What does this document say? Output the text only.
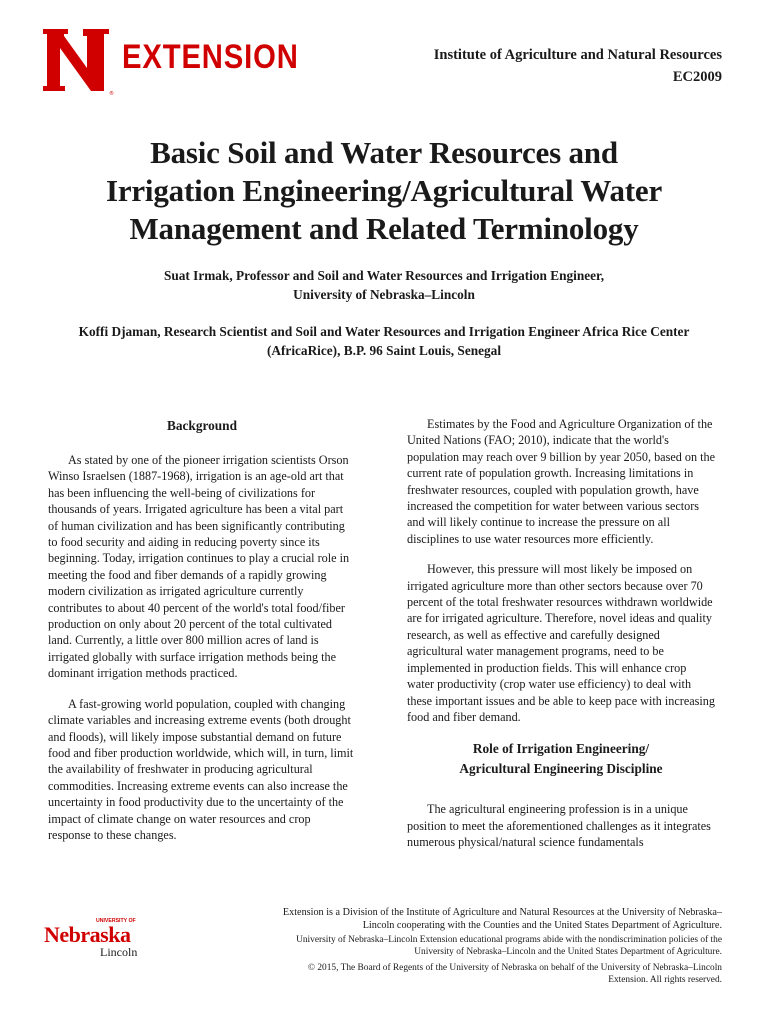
®
EXTENSION	Institute of Agriculture and Natural Resources
EC2009
Basic Soil and Water Resources and
Irrigation Engineering/Agricultural Water
Management and Related Terminology
Suat Irmak, Professor and Soil and Water Resources and Irrigation Engineer,
University of Nebraska–Lincoln
Koffi Djaman, Research Scientist and Soil and Water Resources and Irrigation Engineer Africa Rice Center
(AfricaRice), B.P. 96 Saint Louis, Senegal
Background

As stated by one of the pioneer irrigation scientists Orson Winso Israelsen (1887-1968), irrigation is an age-old art that has been influencing the well-being of civilizations for thousands of years. Irrigated agriculture has been a vital part of human civilization and has been significantly contributing to food security and aiding in reducing poverty since its beginning. Today, irrigation continues to play a crucial role in meeting the food and fiber demands of a rapidly growing modern civilization as irrigated agriculture currently contributes to about 40 percent of the world's total food/fiber production on only about 20 percent of the total cultivated land. Currently, a little over 800 million acres of land is irrigated globally with surface irrigation methods being the dominant irrigation methods practiced.

A fast-growing world population, coupled with changing climate variables and increasing extreme events (both drought and floods), will likely impose substantial demand on future food and fiber production worldwide, which will, in turn, limit the availability of freshwater in producing agricultural commodities. Increasing extreme events can also increase the uncertainty in food productivity due to the uncertainty of the impact of climate change on water resources and crop response to these changes.

Estimates by the Food and Agriculture Organization of the United Nations (FAO; 2010), indicate that the world's population may reach over 9 billion by year 2050, based on the current rate of population growth. Increasing limitations in freshwater resources, coupled with population growth, have increased the competition for water between various sectors and will likely continue to increase the pressure on all disciplines to use water resources more efficiently.

However, this pressure will most likely be imposed on irrigated agriculture more than other sectors because over 70 percent of the total freshwater resources withdrawn worldwide are for irrigated agriculture. Therefore, novel ideas and quality research, as well as effective and carefully designed agricultural water management programs, need to be implemented in production fields. This will enhance crop water productivity (crop water use efficiency) to deal with these important issues and be able to keep pace with increasing food and fiber demand.

Role of Irrigation Engineering/
Agricultural Engineering Discipline

The agricultural engineering profession is in a unique position to meet the aforementioned challenges as it integrates numerous physical/natural science fundamentals

UNIVERSITY OF
Nebraska
Lincoln
Extension is a Division of the Institute of Agriculture and Natural Resources at the University of Nebraska–Lincoln cooperating with the Counties and the United States Department of Agriculture.
University of Nebraska–Lincoln Extension educational programs abide with the nondiscrimination policies of the University of Nebraska–Lincoln and the United States Department of Agriculture.
© 2015, The Board of Regents of the University of Nebraska on behalf of the University of Nebraska–Lincoln Extension. All rights reserved.
